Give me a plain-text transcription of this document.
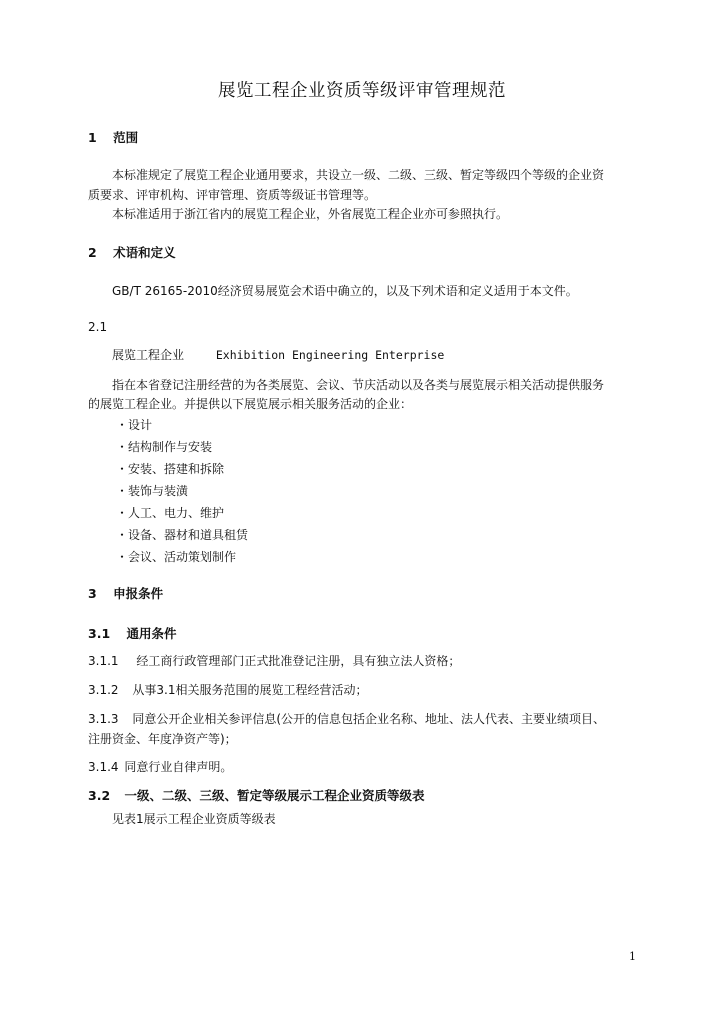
展览工程企业资质等级评审管理规范
1 范围
本标准规定了展览工程企业通用要求，共设立一级、二级、三级、暂定等级四个等级的企业资
质要求、评审机构、评审管理、资质等级证书管理等。
本标准适用于浙江省内的展览工程企业，外省展览工程企业亦可参照执行。
2 术语和定义
GB/T 26165-2010经济贸易展览会术语中确立的，以及下列术语和定义适用于本文件。
2.1
展览工程企业	Exhibition Engineering Enterprise
指在本省登记注册经营的为各类展览、会议、节庆活动以及各类与展览展示相关活动提供服务
的展览工程企业。并提供以下展览展示相关服务活动的企业：
・设计
・结构制作与安装
・安装、搭建和拆除
・装饰与装潢
・人工、电力、维护
・设备、器材和道具租赁
・会议、活动策划制作
3 申报条件
3.1 通用条件
3.1.1 经工商行政管理部门正式批准登记注册，具有独立法人资格；
3.1.2 从事3.1相关服务范围的展览工程经营活动；
3.1.3 同意公开企业相关参评信息(公开的信息包括企业名称、地址、法人代表、主要业绩项目、
注册资金、年度净资产等)；
3.1.4 同意行业自律声明。
3.2 一级、二级、三级、暂定等级展示工程企业资质等级表
见表1展示工程企业资质等级表
1
